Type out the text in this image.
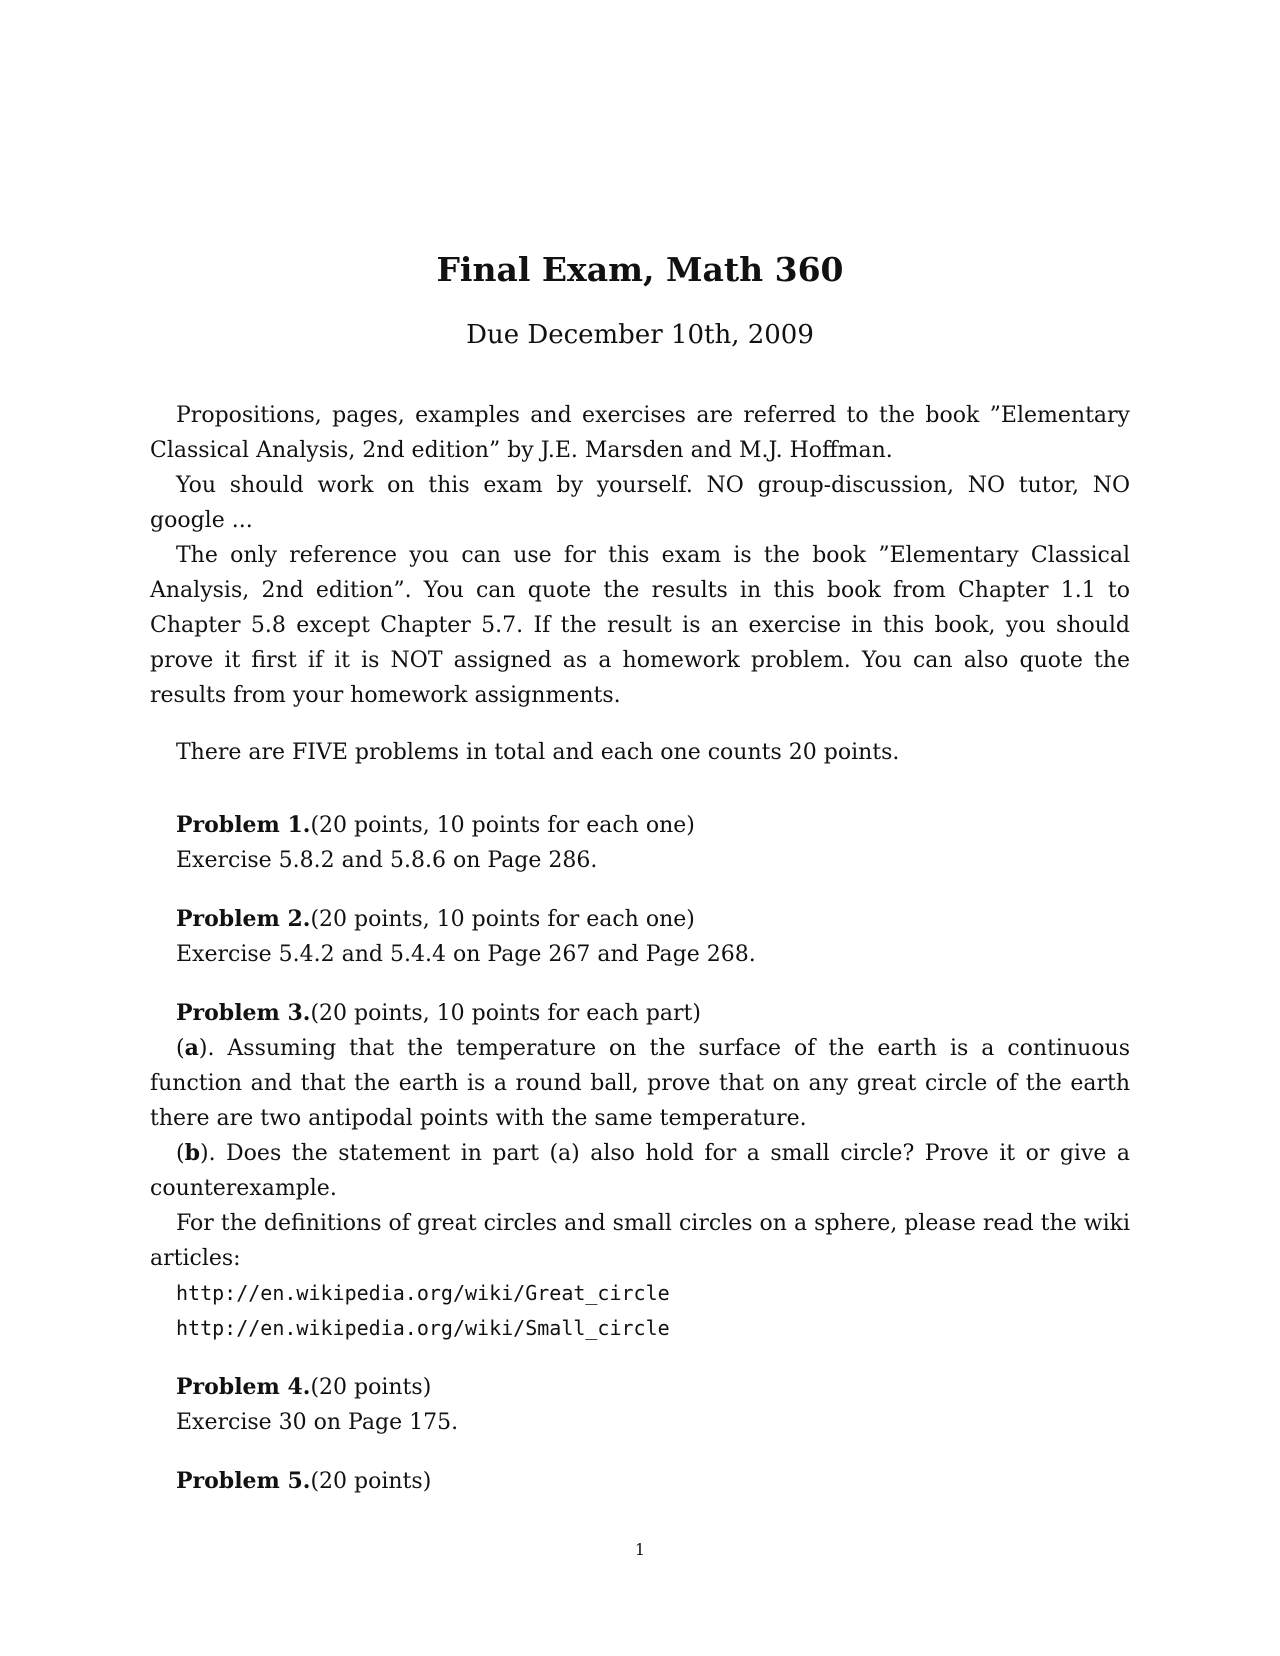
Final Exam, Math 360
Due December 10th, 2009

Propositions, pages, examples and exercises are referred to the book ”Elementary Classical Analysis, 2nd edition” by J.E. Marsden and M.J. Hoffman.

You should work on this exam by yourself. NO group-discussion, NO tutor, NO google ...

The only reference you can use for this exam is the book ”Elementary Classical Analysis, 2nd edition”. You can quote the results in this book from Chapter 1.1 to Chapter 5.8 except Chapter 5.7. If the result is an exercise in this book, you should prove it first if it is NOT assigned as a homework problem. You can also quote the results from your homework assignments.

There are FIVE problems in total and each one counts 20 points.

Problem 1.(20 points, 10 points for each one)

Exercise 5.8.2 and 5.8.6 on Page 286.

Problem 2.(20 points, 10 points for each one)

Exercise 5.4.2 and 5.4.4 on Page 267 and Page 268.

Problem 3.(20 points, 10 points for each part)

(a). Assuming that the temperature on the surface of the earth is a continuous function and that the earth is a round ball, prove that on any great circle of the earth there are two antipodal points with the same temperature.

(b). Does the statement in part (a) also hold for a small circle? Prove it or give a counterexample.

For the definitions of great circles and small circles on a sphere, please read the wiki articles:

http://en.wikipedia.org/wiki/Great_circle
http://en.wikipedia.org/wiki/Small_circle

Problem 4.(20 points)

Exercise 30 on Page 175.

Problem 5.(20 points)

1
